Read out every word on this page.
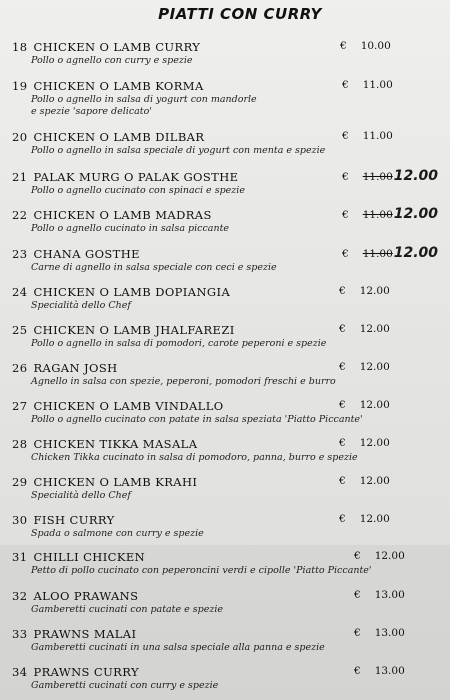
PIATTI CON CURRY
18 CHICKEN O LAMB CURRY
Pollo o agnello con curry e spezie
€ 10.00
19 CHICKEN O LAMB KORMA
Pollo o agnello in salsa di yogurt con mandorle
e spezie 'sapore delicato'
€ 11.00
20 CHICKEN O LAMB DILBAR
Pollo o agnello in salsa speciale di yogurt con menta e spezie
€ 11.00
21 PALAK MURG O PALAK GOSTHE
Pollo o agnello cucinato con spinaci e spezie
€ 11.0012.00
22 CHICKEN O LAMB MADRAS
Pollo o agnello cucinato in salsa piccante
€ 11.0012.00
23 CHANA GOSTHE
Carne di agnello in salsa speciale con ceci e spezie
€ 11.0012.00
24 CHICKEN O LAMB DOPIANGIA
Specialità dello Chef
€ 12.00
25 CHICKEN O LAMB JHALFAREZI
Pollo o agnello in salsa di pomodori, carote peperoni e spezie
€ 12.00
26 RAGAN JOSH
Agnello in salsa con spezie, peperoni, pomodori freschi e burro
€ 12.00
27 CHICKEN O LAMB VINDALLO
Pollo o agnello cucinato con patate in salsa speziata 'Piatto Piccante'
€ 12.00
28 CHICKEN TIKKA MASALA
Chicken Tikka cucinato in salsa di pomodoro, panna, burro e spezie
€ 12.00
29 CHICKEN O LAMB KRAHI
Specialità dello Chef
€ 12.00
30 FISH CURRY
Spada o salmone con curry e spezie
€ 12.00
31 CHILLI CHICKEN
Petto di pollo cucinato con peperoncini verdi e cipolle 'Piatto Piccante'
€ 12.00
32 ALOO PRAWANS
Gamberetti cucinati con patate e spezie
€ 13.00
33 PRAWNS MALAI
Gamberetti cucinati in una salsa speciale alla panna e spezie
€ 13.00
34 PRAWNS CURRY
Gamberetti cucinati con curry e spezie
€ 13.00
